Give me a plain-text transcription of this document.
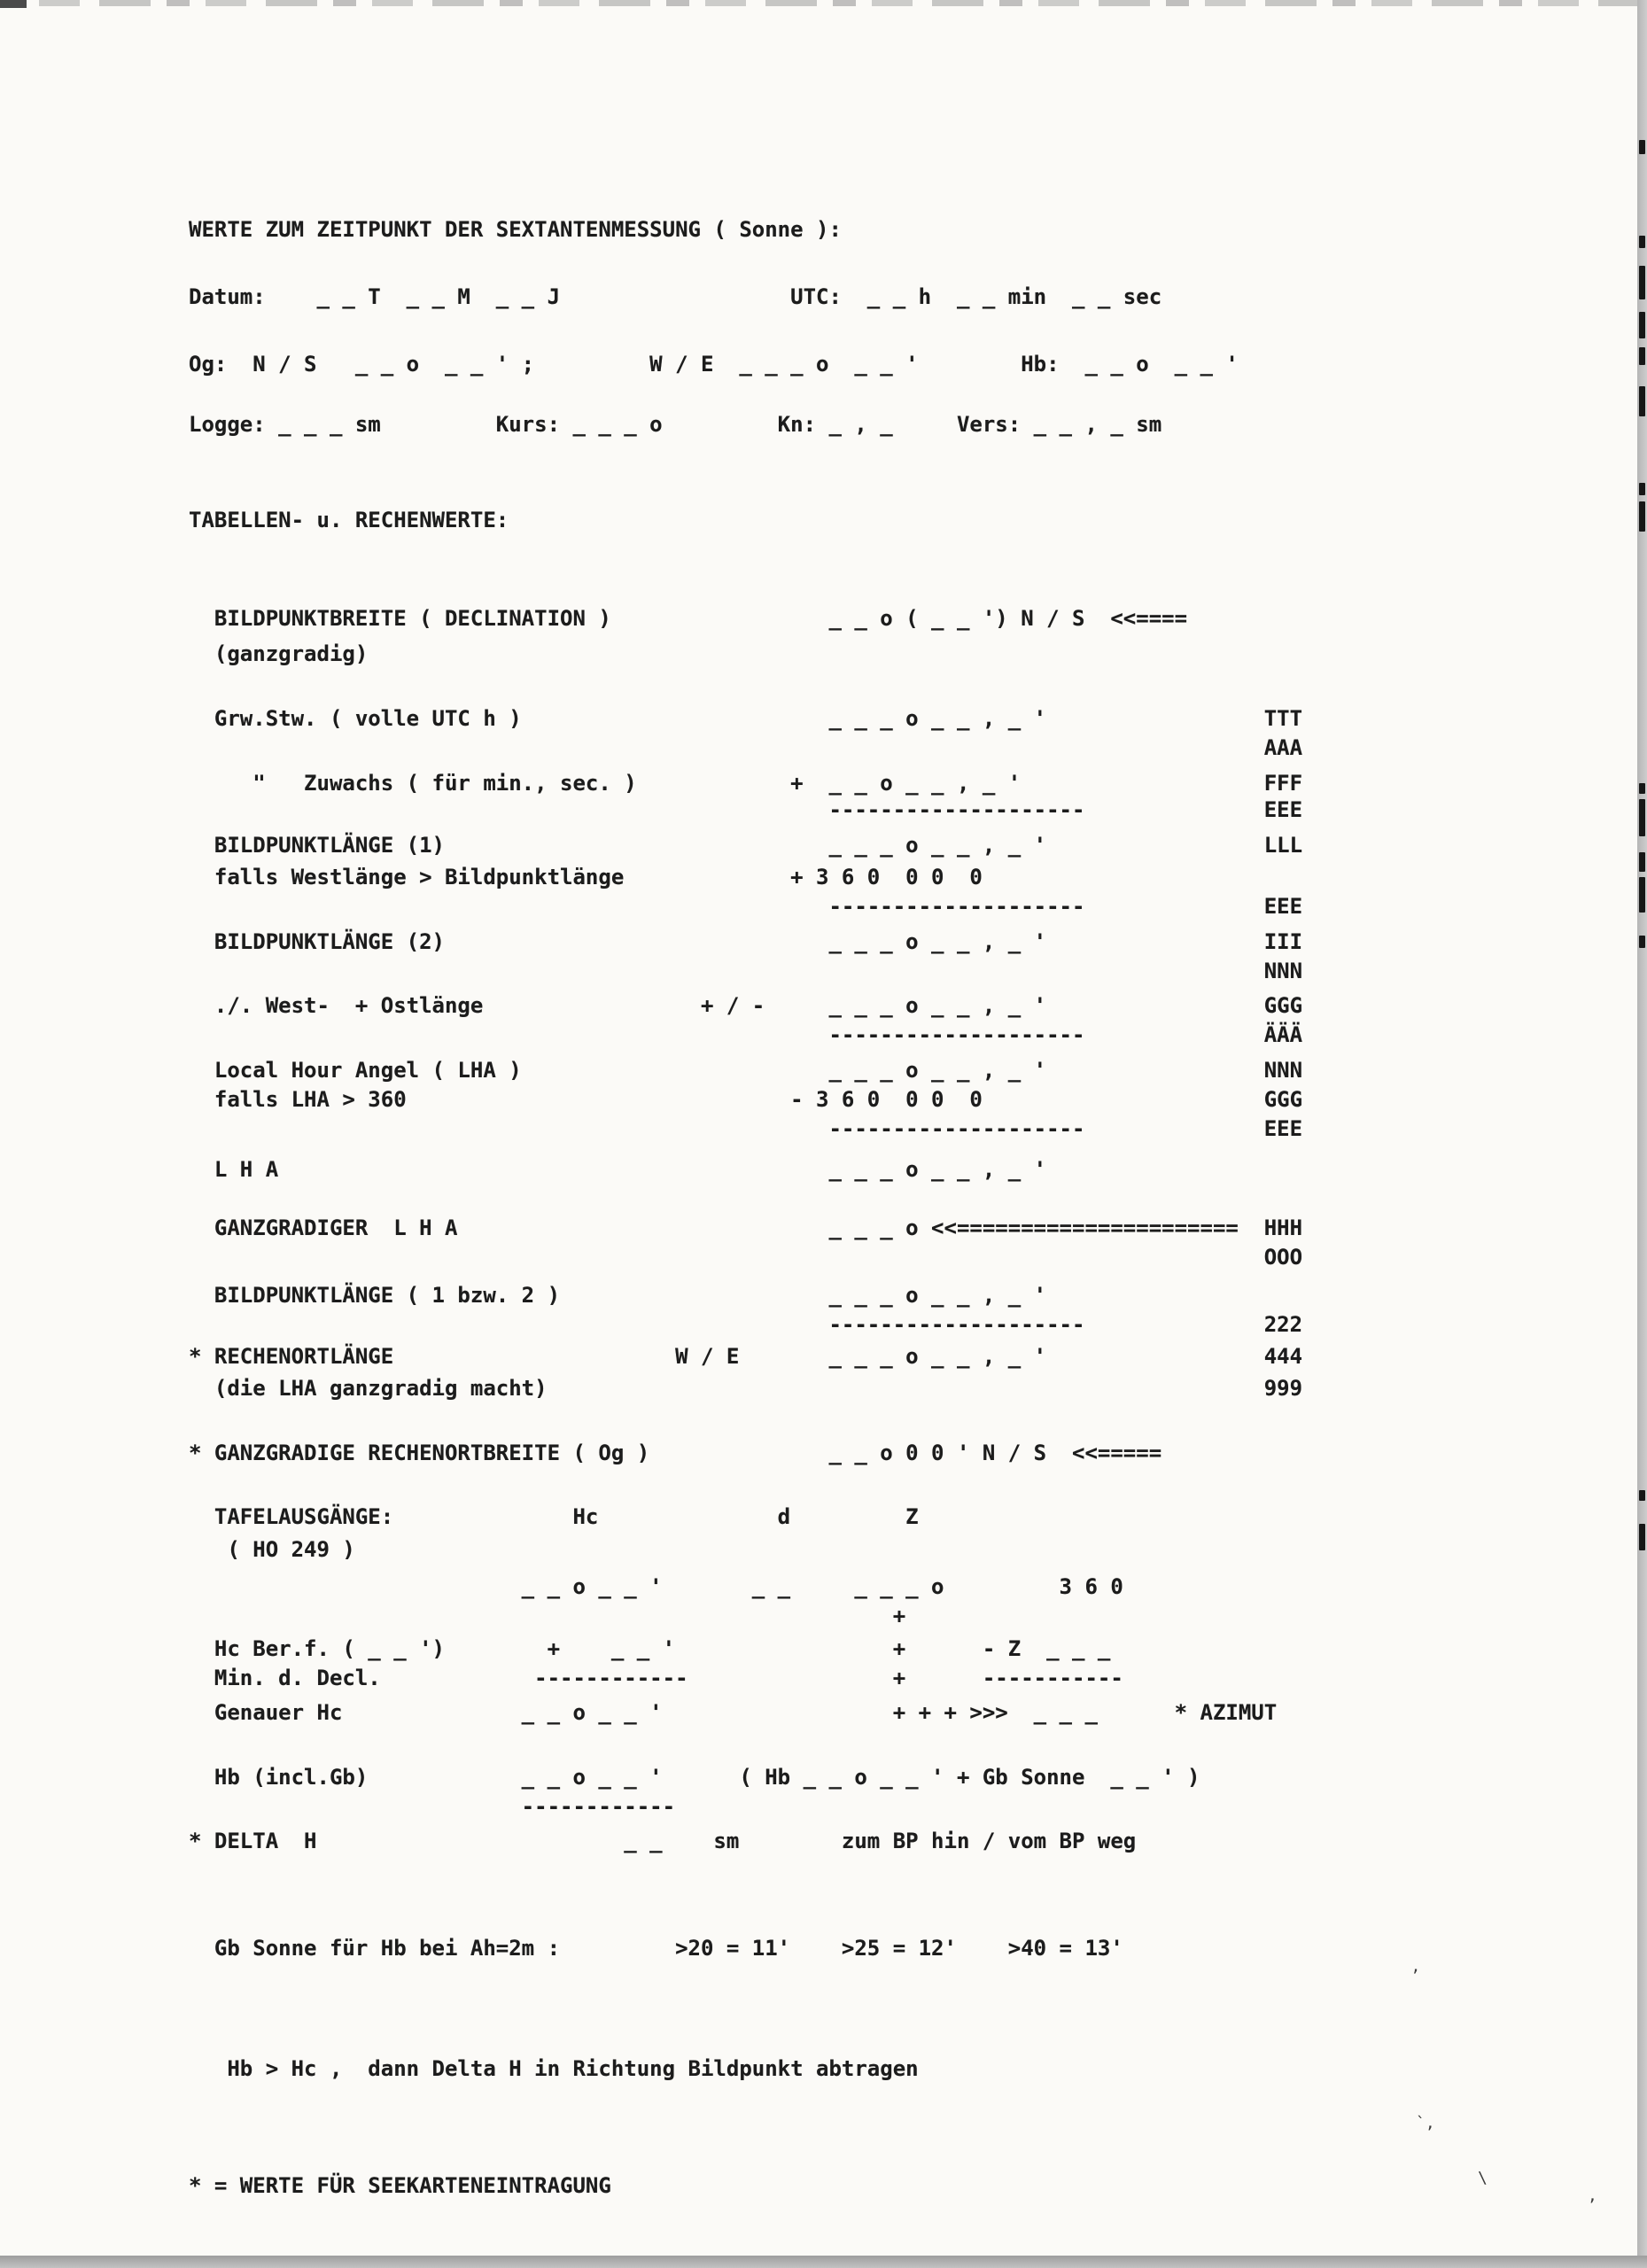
WERTE ZUM ZEITPUNKT DER SEXTANTENMESSUNG ( Sonne ):
Datum:    _ _ T  _ _ M  _ _ J                  UTC:  _ _ h  _ _ min  _ _ sec
Og:  N / S   _ _ o  _ _ ' ;         W / E  _ _ _ o  _ _ '        Hb:  _ _ o  _ _ '
Logge: _ _ _ sm         Kurs: _ _ _ o         Kn: _ , _     Vers: _ _ , _ sm
TABELLEN- u. RECHENWERTE:
BILDPUNKTBREITE ( DECLINATION )                 _ _ o ( _ _ ') N / S  <<====
(ganzgradig)
Grw.Stw. ( volle UTC h )                        _ _ _ o _ _ , _ '                 TTT
AAA
"   Zuwachs ( für min., sec. )            +  _ _ o _ _ , _ '                   FFF
--------------------              EEE
BILDPUNKTLÄNGE (1)                              _ _ _ o _ _ , _ '                 LLL
falls Westlänge > Bildpunktlänge             + 3 6 0  0 0  0
--------------------              EEE
BILDPUNKTLÄNGE (2)                              _ _ _ o _ _ , _ '                 III
NNN
./. West-  + Ostlänge                 + / -     _ _ _ o _ _ , _ '                 GGG
--------------------              ÄÄÄ
Local Hour Angel ( LHA )                        _ _ _ o _ _ , _ '                 NNN
falls LHA > 360                              - 3 6 0  0 0  0                      GGG
--------------------              EEE
L H A                                           _ _ _ o _ _ , _ '
GANZGRADIGER  L H A                             _ _ _ o <<======================  HHH
OOO
BILDPUNKTLÄNGE ( 1 bzw. 2 )                     _ _ _ o _ _ , _ '
--------------------              222
* RECHENORTLÄNGE                      W / E       _ _ _ o _ _ , _ '                 444
(die LHA ganzgradig macht)                                                        999
* GANZGRADIGE RECHENORTBREITE ( Og )              _ _ o 0 0 ' N / S  <<=====
TAFELAUSGÄNGE:              Hc              d         Z
( HO 249 )
_ _ o _ _ '       _ _     _ _ _ o         3 6 0
+
Hc Ber.f. ( _ _ ')        +    _ _ '                 +      - Z  _ _ _
Min. d. Decl.            ------------                +      -----------
Genauer Hc              _ _ o _ _ '                  + + + >>>  _ _ _      * AZIMUT
Hb (incl.Gb)            _ _ o _ _ '      ( Hb _ _ o _ _ ' + Gb Sonne  _ _ ' )
------------
* DELTA  H                        _ _    sm        zum BP hin / vom BP weg
Gb Sonne für Hb bei Ah=2m :         >20 = 11'    >25 = 12'    >40 = 13'
Hb > Hc ,  dann Delta H in Richtung Bildpunkt abtragen
* = WERTE FÜR SEEKARTENEINTRAGUNG
’
`‚
\
,
